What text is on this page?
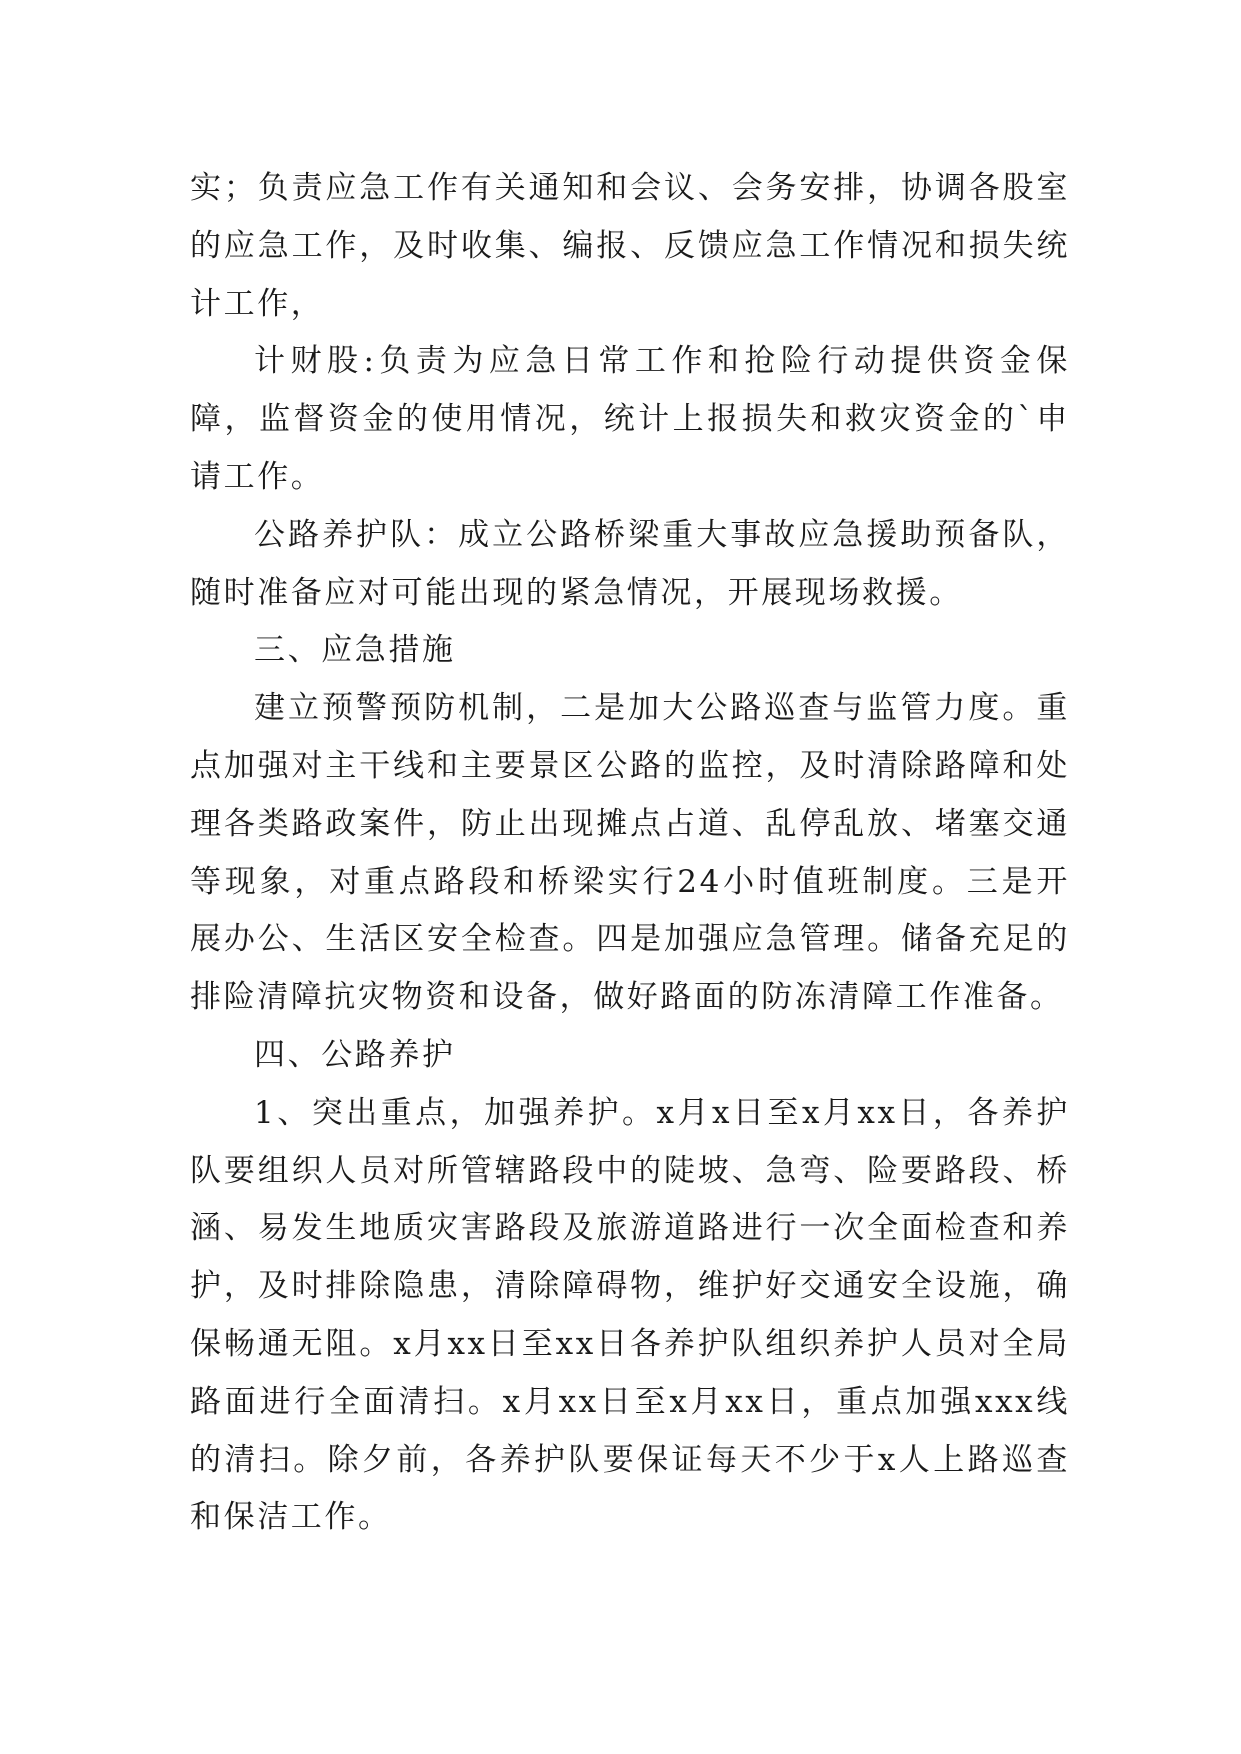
实；负责应急工作有关通知和会议、会务安排，协调各股室的应急工作，及时收集、编报、反馈应急工作情况和损失统计工作，

计财股:负责为应急日常工作和抢险行动提供资金保障，监督资金的使用情况，统计上报损失和救灾资金的`申请工作。

公路养护队：成立公路桥梁重大事故应急援助预备队，随时准备应对可能出现的紧急情况，开展现场救援。

三、应急措施

建立预警预防机制，二是加大公路巡查与监管力度。重点加强对主干线和主要景区公路的监控，及时清除路障和处理各类路政案件，防止出现摊点占道、乱停乱放、堵塞交通等现象，对重点路段和桥梁实行24小时值班制度。三是开展办公、生活区安全检查。四是加强应急管理。储备充足的排险清障抗灾物资和设备，做好路面的防冻清障工作准备。

四、公路养护

1、突出重点，加强养护。x月x日至x月xx日，各养护队要组织人员对所管辖路段中的陡坡、急弯、险要路段、桥涵、易发生地质灾害路段及旅游道路进行一次全面检查和养护，及时排除隐患，清除障碍物，维护好交通安全设施，确保畅通无阻。x月xx日至xx日各养护队组织养护人员对全局路面进行全面清扫。x月xx日至x月xx日，重点加强xxx线的清扫。除夕前，各养护队要保证每天不少于x人上路巡查和保洁工作。
